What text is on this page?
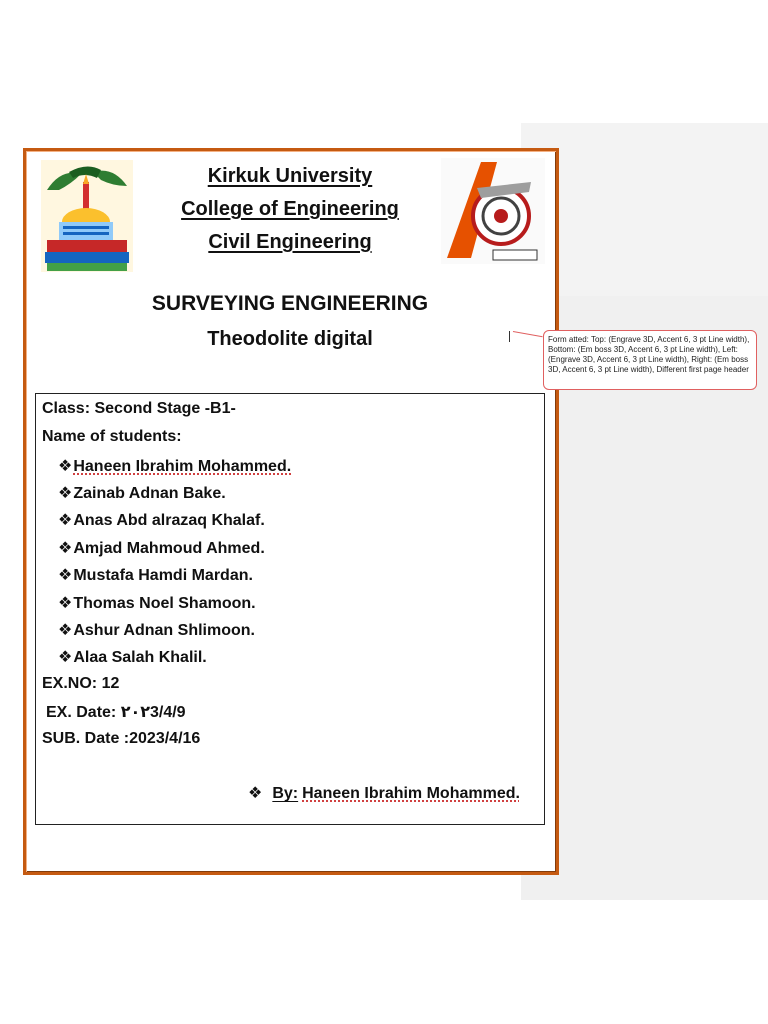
Kirkuk University
College of Engineering
Civil Engineering
SURVEYING ENGINEERING
Theodolite digital	Form atted: Top: (Engrave 3D, Accent 6, 3 pt Line width), Bottom: (Em boss 3D, Accent 6, 3 pt Line width), Left: (Engrave 3D, Accent 6, 3 pt Line width), Right: (Em boss 3D, Accent 6, 3 pt Line width), Different first page header
Class: Second Stage -B1-
Name of students:
❖Haneen Ibrahim Mohammed.
❖Zainab Adnan Bake.
❖Anas Abd alrazaq Khalaf.
❖Amjad Mahmoud Ahmed.
❖Mustafa Hamdi Mardan.
❖Thomas Noel Shamoon.
❖Ashur Adnan Shlimoon.
❖Alaa Salah Khalil.
EX.NO: 12
EX. Date: ٢٠٢3/4/9
SUB. Date :2023/4/16
❖ By: Haneen Ibrahim Mohammed.
